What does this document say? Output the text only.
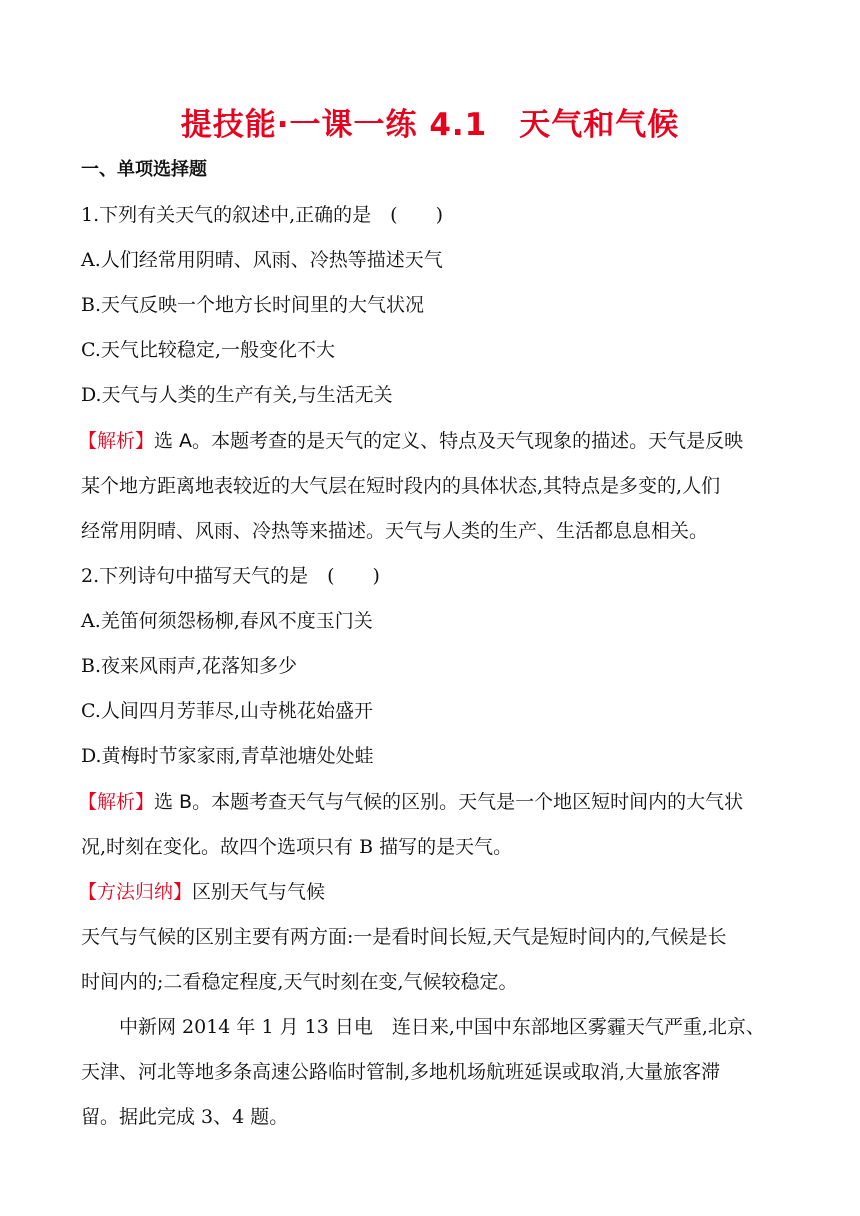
提技能·一课一练 4.1　天气和气候
一、单项选择题
1.下列有关天气的叙述中,正确的是　(　　)
A.人们经常用阴晴、风雨、冷热等描述天气
B.天气反映一个地方长时间里的大气状况
C.天气比较稳定,一般变化不大
D.天气与人类的生产有关,与生活无关
【解析】选 A。本题考查的是天气的定义、特点及天气现象的描述。天气是反映
某个地方距离地表较近的大气层在短时段内的具体状态,其特点是多变的,人们
经常用阴晴、风雨、冷热等来描述。天气与人类的生产、生活都息息相关。
2.下列诗句中描写天气的是　(　　)
A.羌笛何须怨杨柳,春风不度玉门关
B.夜来风雨声,花落知多少
C.人间四月芳菲尽,山寺桃花始盛开
D.黄梅时节家家雨,青草池塘处处蛙
【解析】选 B。本题考查天气与气候的区别。天气是一个地区短时间内的大气状
况,时刻在变化。故四个选项只有 B 描写的是天气。
【方法归纳】区别天气与气候
天气与气候的区别主要有两方面:一是看时间长短,天气是短时间内的,气候是长
时间内的;二看稳定程度,天气时刻在变,气候较稳定。
中新网 2014 年 1 月 13 日电　连日来,中国中东部地区雾霾天气严重,北京、
天津、河北等地多条高速公路临时管制,多地机场航班延误或取消,大量旅客滞
留。据此完成 3、4 题。
